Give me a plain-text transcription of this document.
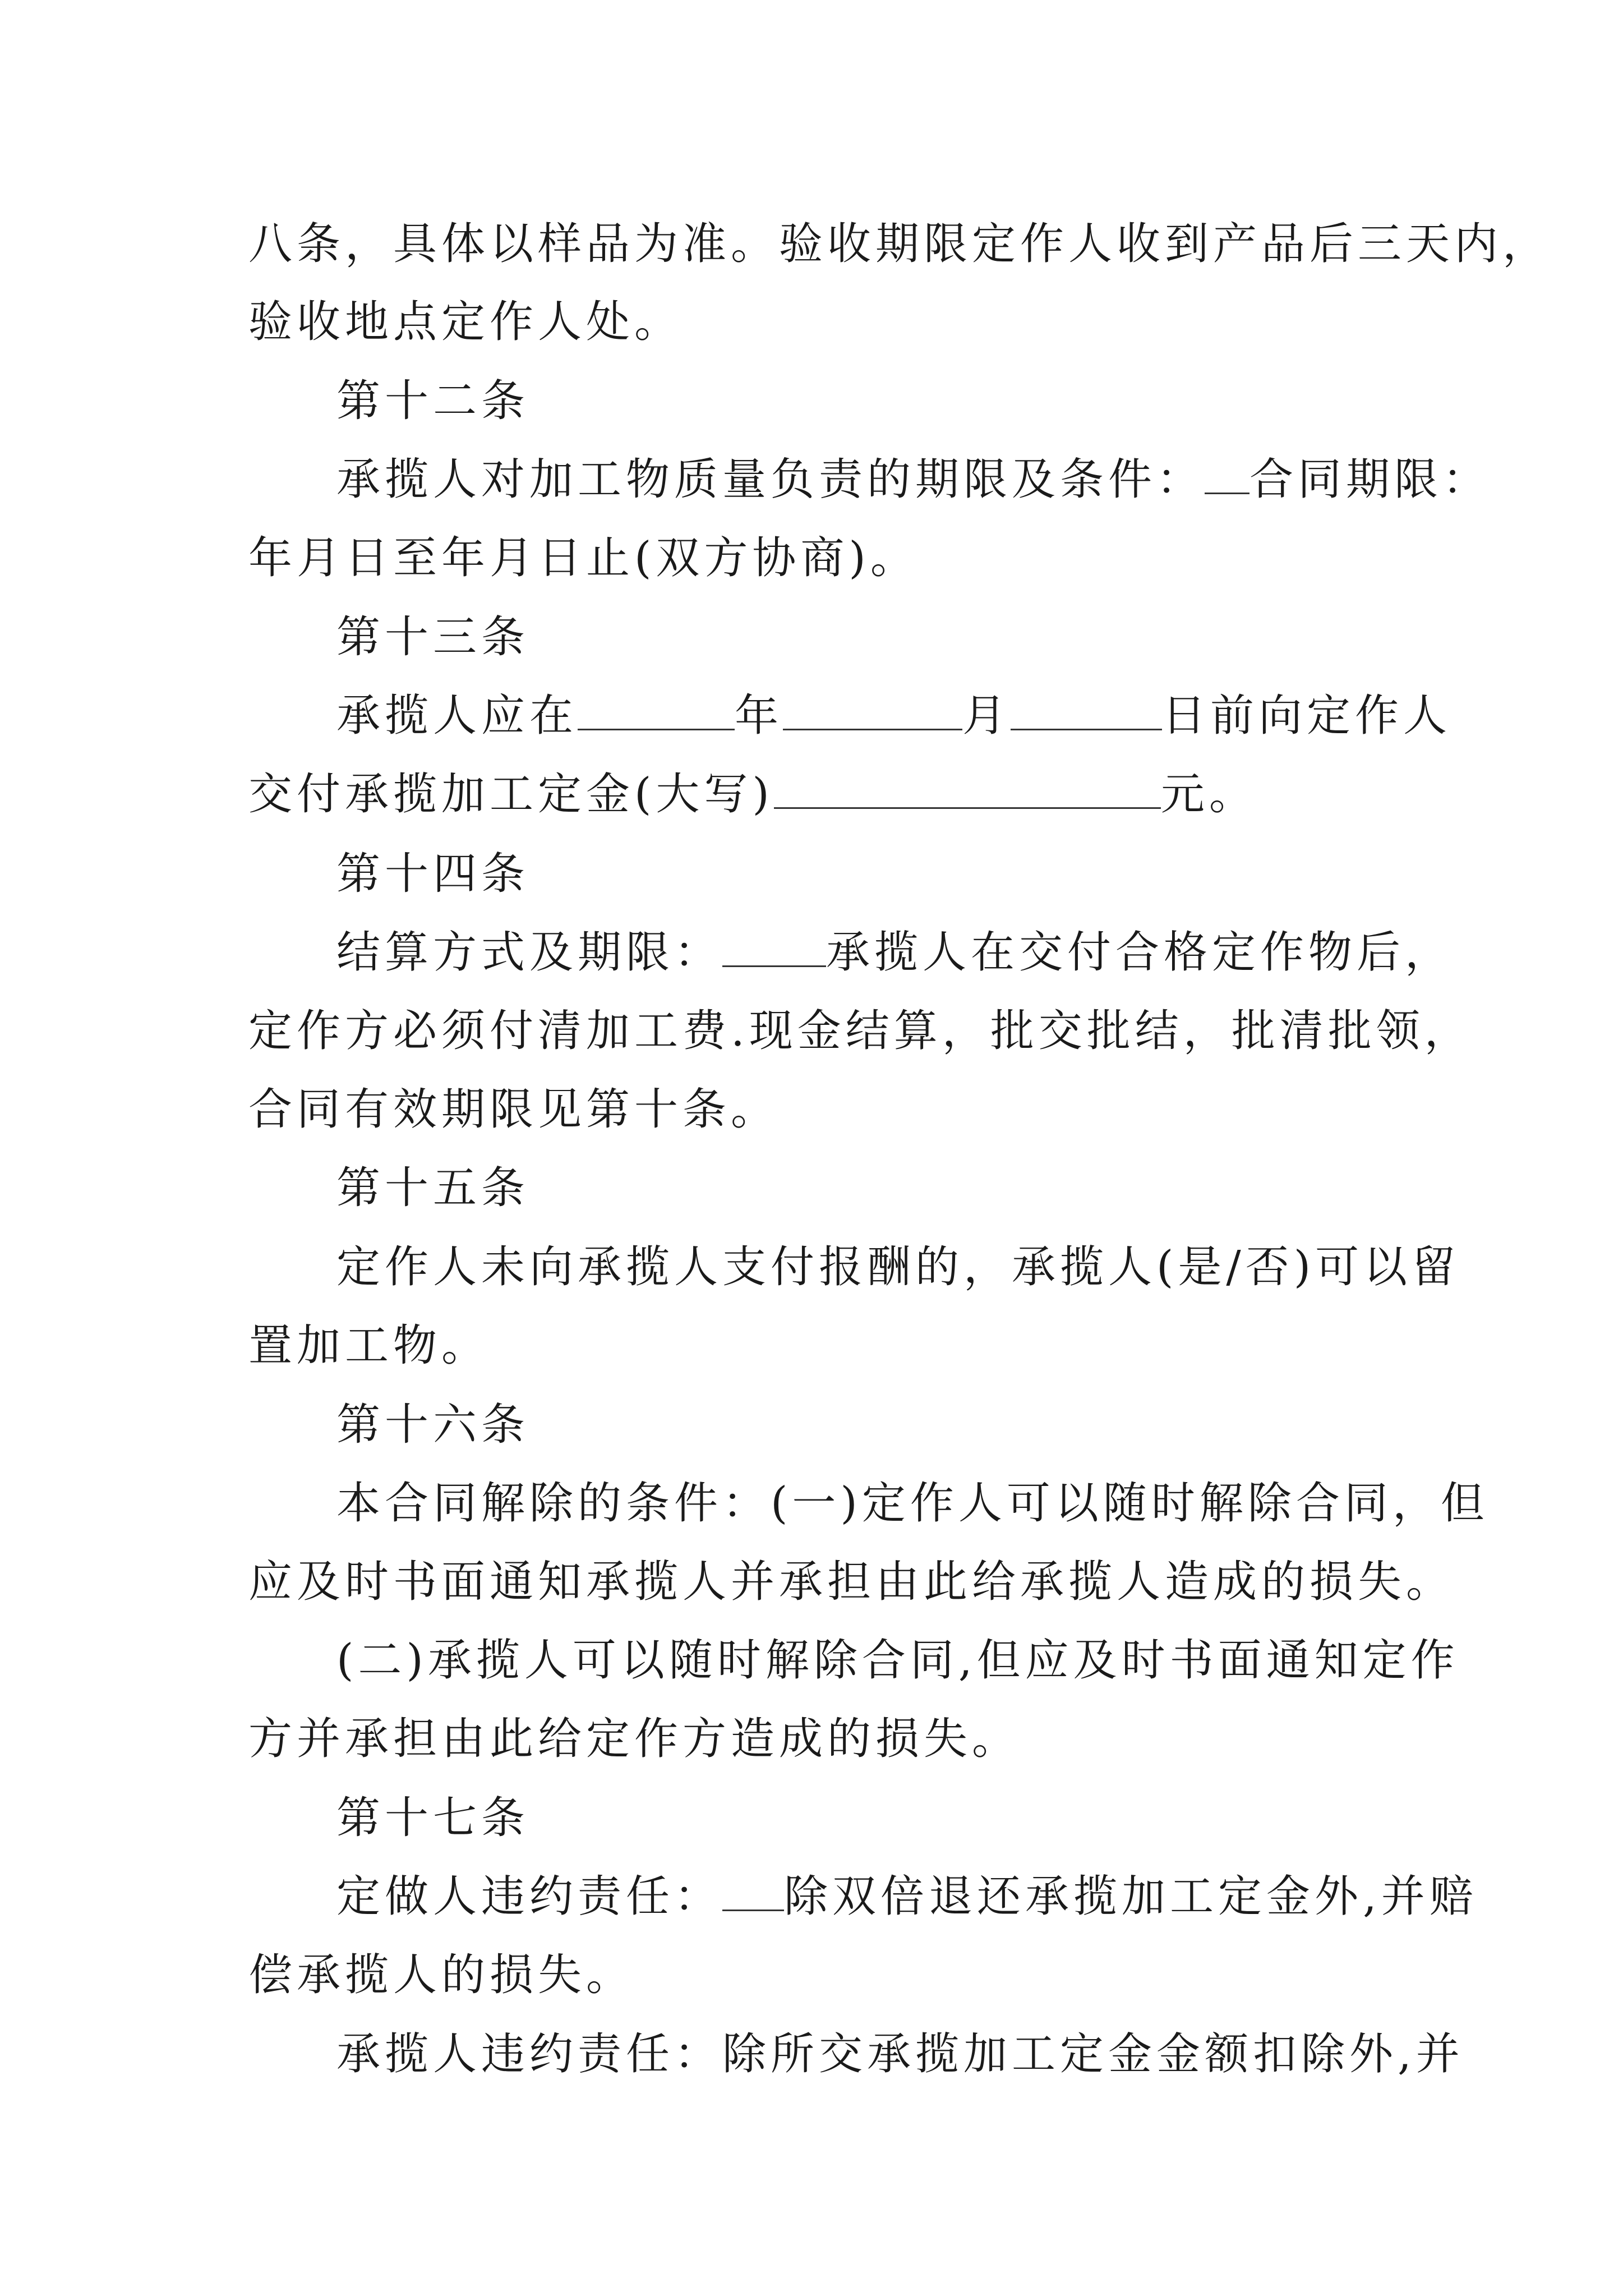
八条，具体以样品为准。验收期限定作人收到产品后三天内，
验收地点定作人处。
第十二条
承揽人对加工物质量负责的期限及条件： 合同期限：
年月日至年月日止(双方协商)。
第十三条
承揽人应在	年	月	日前向定作人
交付承揽加工定金(大写)	元。
第十四条
结算方式及期限： 承揽人在交付合格定作物后，
定作方必须付清加工费.现金结算，批交批结，批清批领，
合同有效期限见第十条。
第十五条
定作人未向承揽人支付报酬的，承揽人(是/否)可以留
置加工物。
第十六条
本合同解除的条件：(一)定作人可以随时解除合同，但
应及时书面通知承揽人并承担由此给承揽人造成的损失。
(二)承揽人可以随时解除合同,但应及时书面通知定作
方并承担由此给定作方造成的损失。
第十七条
定做人违约责任： 除双倍退还承揽加工定金外,并赔
偿承揽人的损失。
承揽人违约责任：除所交承揽加工定金金额扣除外,并
